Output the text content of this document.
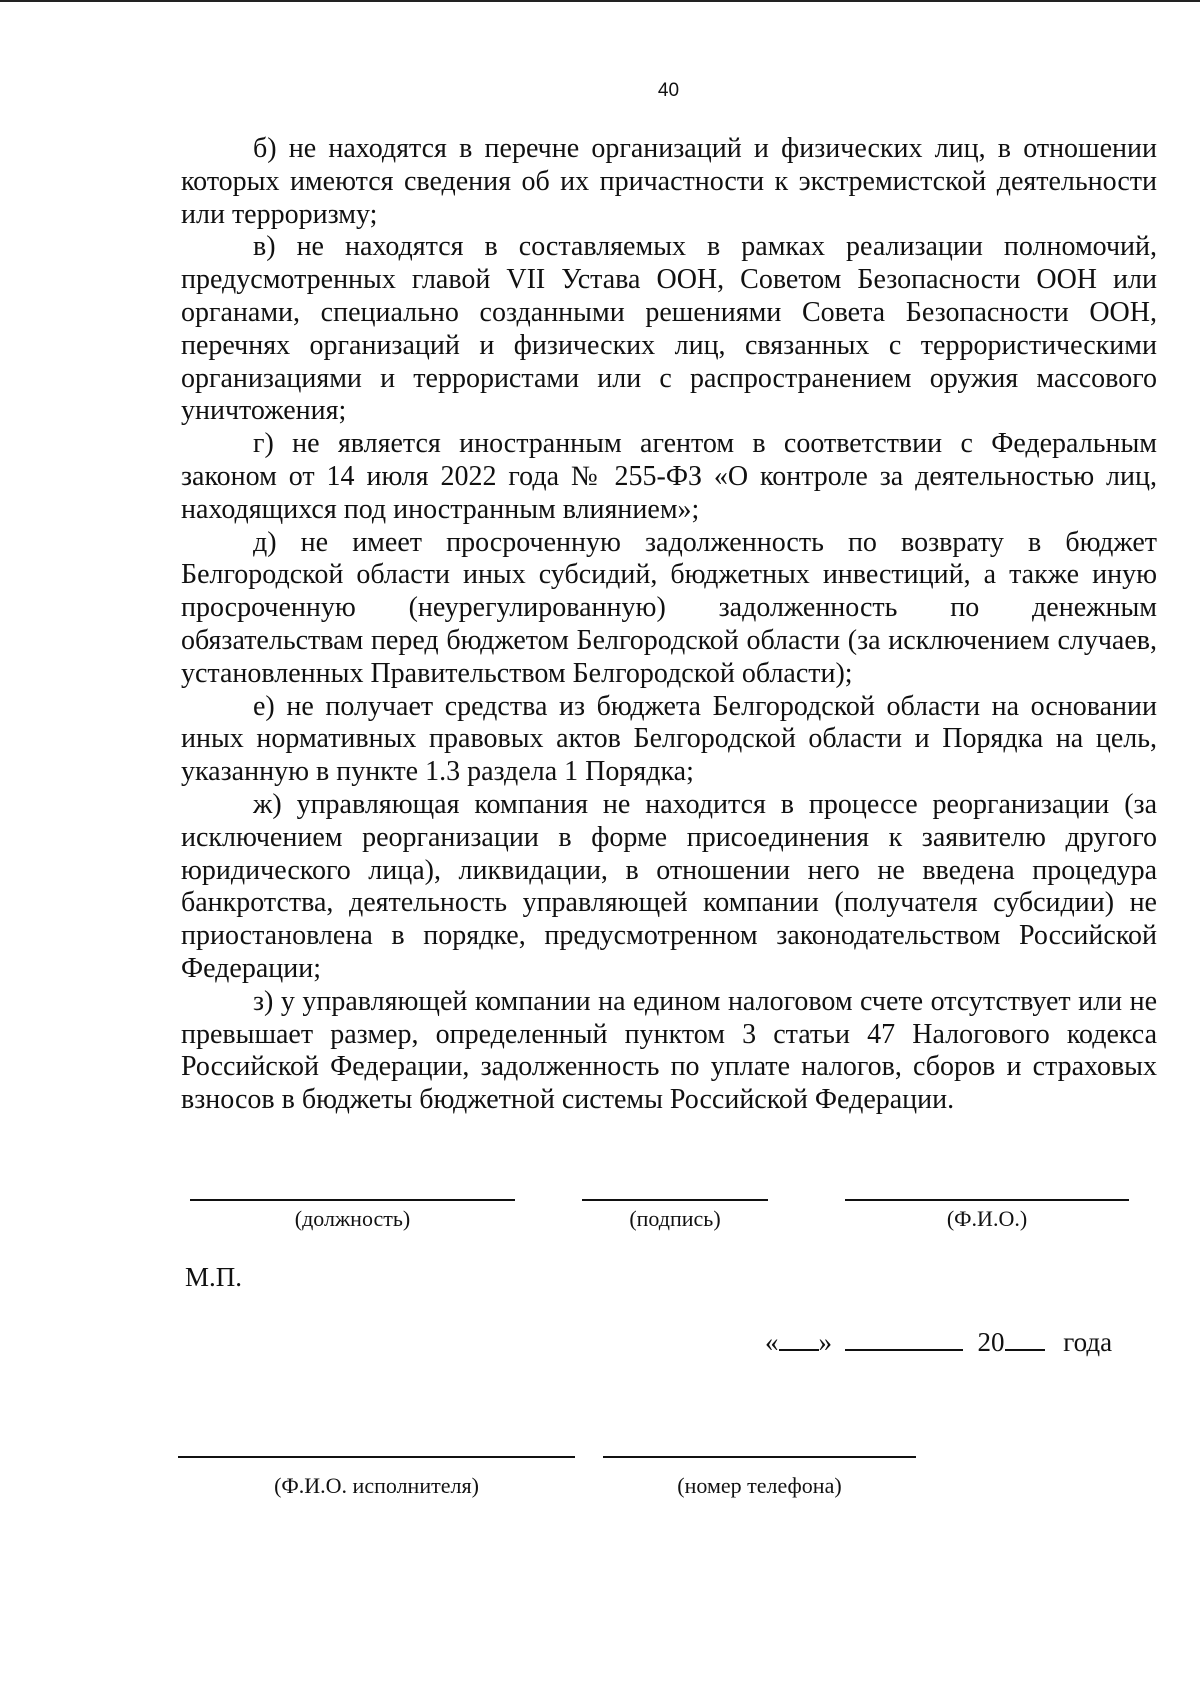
40

б) не находятся в перечне организаций и физических лиц, в отношении которых имеются сведения об их причастности к экстремистской деятельности или терроризму;

в) не находятся в составляемых в рамках реализации полномочий, предусмотренных главой VII Устава ООН, Советом Безопасности ООН или органами, специально созданными решениями Совета Безопасности ООН, перечнях организаций и физических лиц, связанных с террористическими организациями и террористами или с распространением оружия массового уничтожения;

г) не является иностранным агентом в соответствии с Федеральным законом от 14 июля 2022 года № 255-ФЗ «О контроле за деятельностью лиц, находящихся под иностранным влиянием»;

д) не имеет просроченную задолженность по возврату в бюджет Белгородской области иных субсидий, бюджетных инвестиций, а также иную просроченную (неурегулированную) задолженность по денежным обязательствам перед бюджетом Белгородской области (за исключением случаев, установленных Правительством Белгородской области);

е) не получает средства из бюджета Белгородской области на основании иных нормативных правовых актов Белгородской области и Порядка на цель, указанную в пункте 1.3 раздела 1 Порядка;

ж) управляющая компания не находится в процессе реорганизации (за исключением реорганизации в форме присоединения к заявителю другого юридического лица), ликвидации, в отношении него не введена процедура банкротства, деятельность управляющей компании (получателя субсидии) не приостановлена в порядке, предусмотренном законодательством Российской Федерации;

з) у управляющей компании на едином налоговом счете отсутствует или не превышает размер, определенный пунктом 3 статьи 47 Налогового кодекса Российской Федерации, задолженность по уплате налогов, сборов и страховых взносов в бюджеты бюджетной системы Российской Федерации.

(должность)	(подпись)	(Ф.И.О.)
М.П.
« »	20 года
(Ф.И.О. исполнителя)	(номер телефона)
